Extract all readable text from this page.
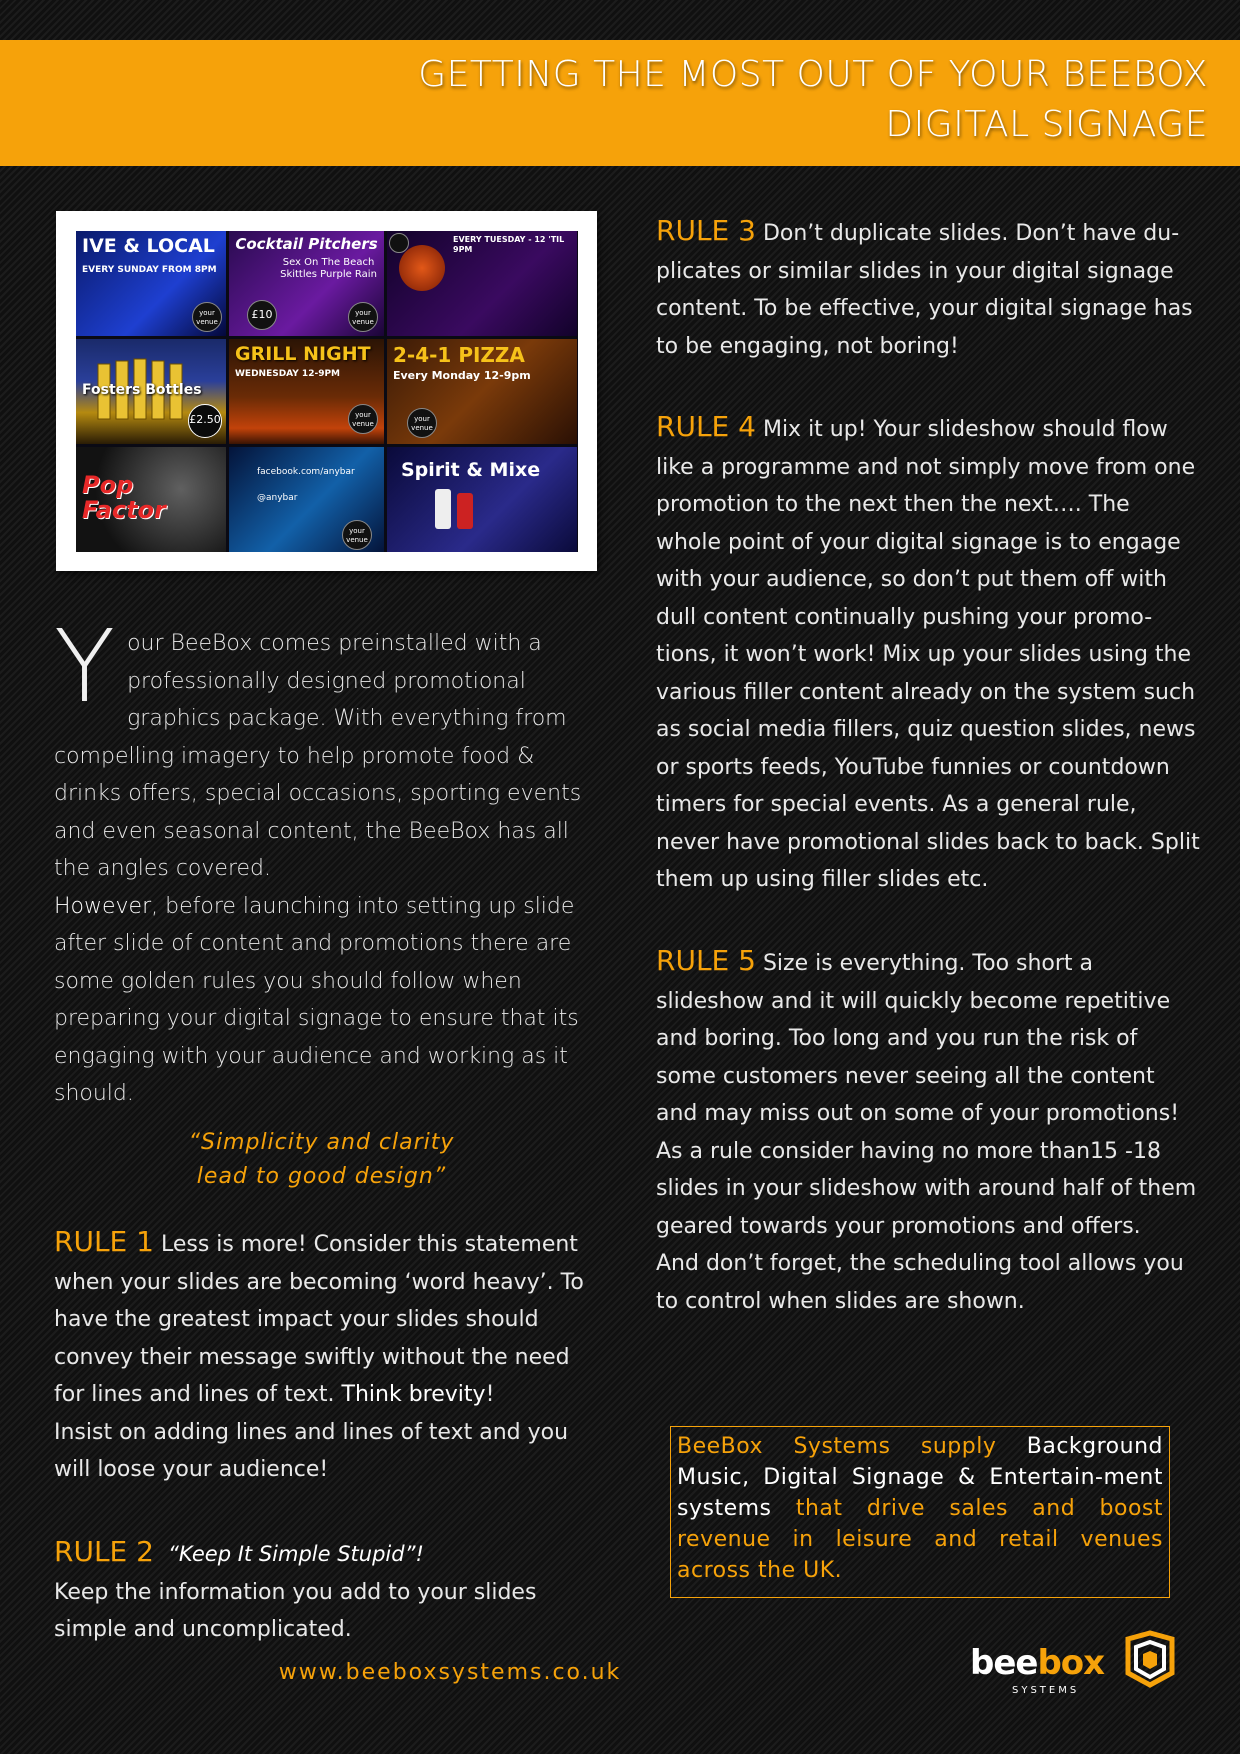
GETTING THE MOST OUT OF YOUR BEEBOX
DIGITAL SIGNAGE
IVE & LOCAL
EVERY SUNDAY FROM 8PM
your venue
Fosters Bottles
£2.50
Pop Factor
Cocktail Pitchers
Sex On The Beach Skittles Purple Rain
£10	your venue
GRILL NIGHT
WEDNESDAY 12-9PM
your venue
facebook.com/anybar
@anybar
your venue
EVERY TUESDAY - 12 'TIL 9PM
2-4-1 PIZZA
Every Monday 12-9pm
your venue
Spirit & Mixe
Your BeeBox comes preinstalled with a professionally designed promotional graphics package. With everything from compelling imagery to help promote food & drinks offers, special occasions, sporting events and even seasonal content, the BeeBox has all the angles covered.
However, before launching into setting up slide after slide of content and promotions there are some golden rules you should follow when preparing your digital signage to ensure that its engaging with your audience and working as it should.
“Simplicity and clarity
lead to good design”
RULE 1 Less is more! Consider this statement when your slides are becoming ‘word heavy’. To have the greatest impact your slides should convey their message swiftly without the need for lines and lines of text. Think brevity!
Insist on adding lines and lines of text and you will loose your audience!
RULE 2 “Keep It Simple Stupid”!
Keep the information you add to your slides simple and uncomplicated.
RULE 3 Don’t duplicate slides. Don’t have du-plicates or similar slides in your digital signage content. To be effective, your digital signage has to be engaging, not boring!
RULE 4 Mix it up! Your slideshow should flow like a programme and not simply move from one promotion to the next then the next…. The whole point of your digital signage is to engage with your audience, so don’t put them off with dull content continually pushing your promo-tions, it won’t work! Mix up your slides using the various filler content already on the system such as social media fillers, quiz question slides, news or sports feeds, YouTube funnies or countdown timers for special events. As a general rule, never have promotional slides back to back. Split them up using filler slides etc.
RULE 5 Size is everything. Too short a slideshow and it will quickly become repetitive and boring. Too long and you run the risk of some customers never seeing all the content and may miss out on some of your promotions! As a rule consider having no more than15 -18 slides in your slideshow with around half of them geared towards your promotions and offers.
And don’t forget, the scheduling tool allows you to control when slides are shown.
BeeBox Systems supply Background Music, Digital Signage & Entertain-ment systems that drive sales and boost revenue in leisure and retail venues across the UK.
www.beeboxsystems.co.uk	beebox
SYSTEMS
